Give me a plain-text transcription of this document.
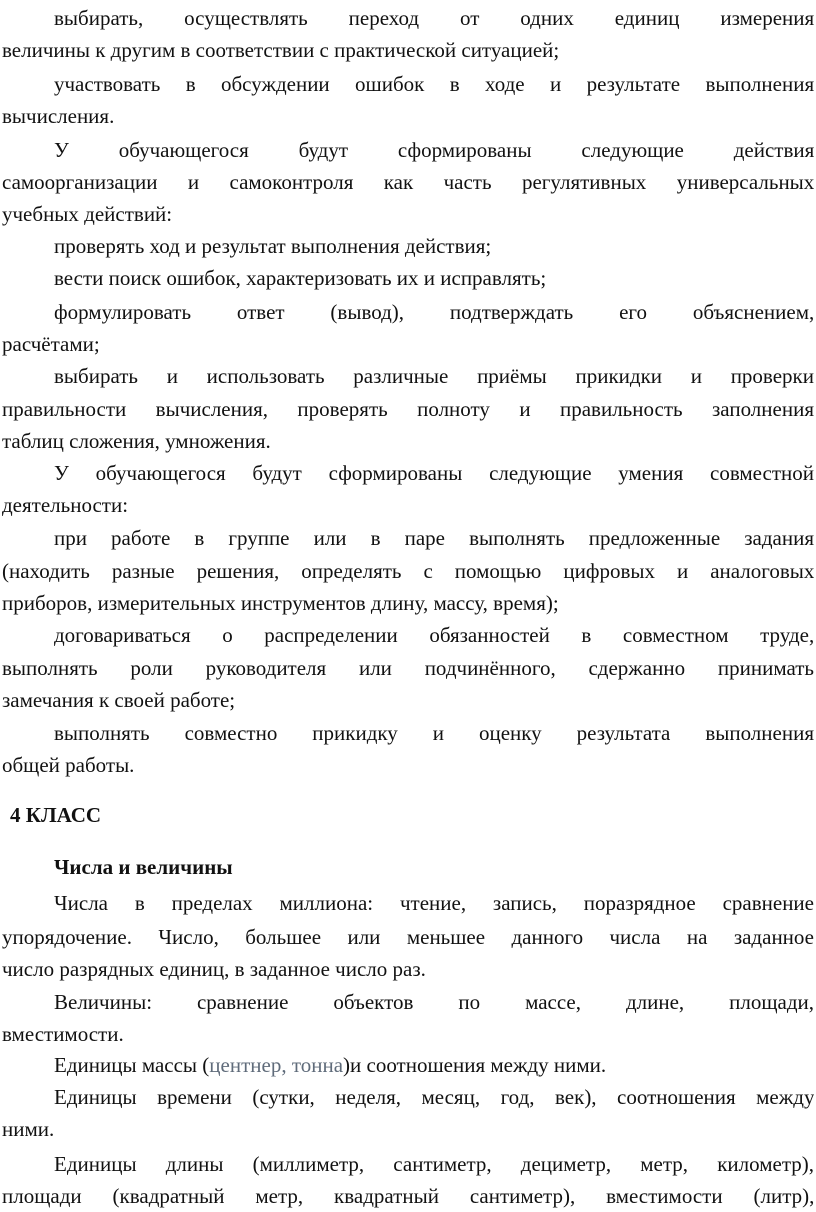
выбирать, осуществлять переход от одних единиц измерения
величины к другим в соответствии с практической ситуацией;
участвовать в обсуждении ошибок в ходе и результате выполнения
вычисления.
У обучающегося будут сформированы следующие действия
самоорганизации и самоконтроля как часть регулятивных универсальных
учебных действий:
проверять ход и результат выполнения действия;
вести поиск ошибок, характеризовать их и исправлять;
формулировать ответ (вывод), подтверждать его объяснением,
расчётами;
выбирать и использовать различные приёмы прикидки и проверки
правильности вычисления, проверять полноту и правильность заполнения
таблиц сложения, умножения.
У обучающегося будут сформированы следующие умения совместной
деятельности:
при работе в группе или в паре выполнять предложенные задания
(находить разные решения, определять с помощью цифровых и аналоговых
приборов, измерительных инструментов длину, массу, время);
договариваться о распределении обязанностей в совместном труде,
выполнять роли руководителя или подчинённого, сдержанно принимать
замечания к своей работе;
выполнять совместно прикидку и оценку результата выполнения
общей работы.
4 КЛАСС
Числа и величины
Числа в пределах миллиона: чтение, запись, поразрядное сравнение
упорядочение. Число, большее или меньшее данного числа на заданное
число разрядных единиц, в заданное число раз.
Величины: сравнение объектов по массе, длине, площади,
вместимости.
Единицы массы (центнер, тонна)и соотношения между ними.
Единицы времени (сутки, неделя, месяц, год, век), соотношения между
ними.
Единицы длины (миллиметр, сантиметр, дециметр, метр, километр),
площади (квадратный метр, квадратный сантиметр), вместимости (литр),
